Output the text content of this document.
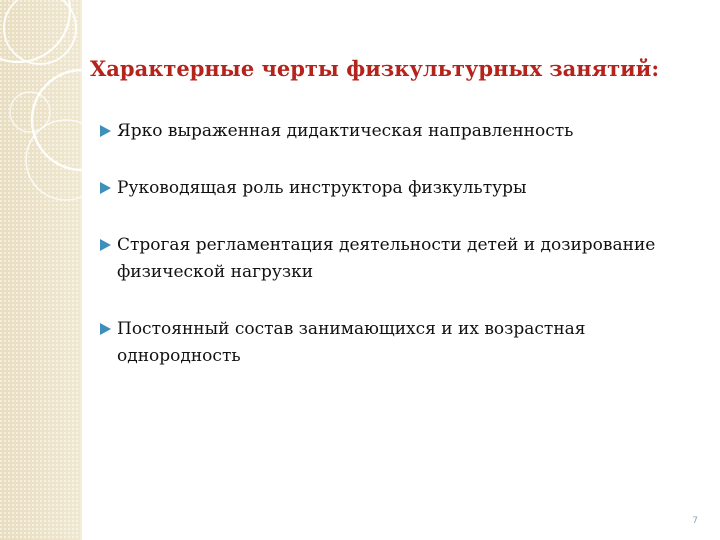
Характерные черты физкультурных занятий:
Ярко выраженная дидактическая направленность
Руководящая роль инструктора физкультуры
Строгая регламентация деятельности детей и дозирование физической нагрузки
Постоянный состав занимающихся и их возрастная однородность
7
